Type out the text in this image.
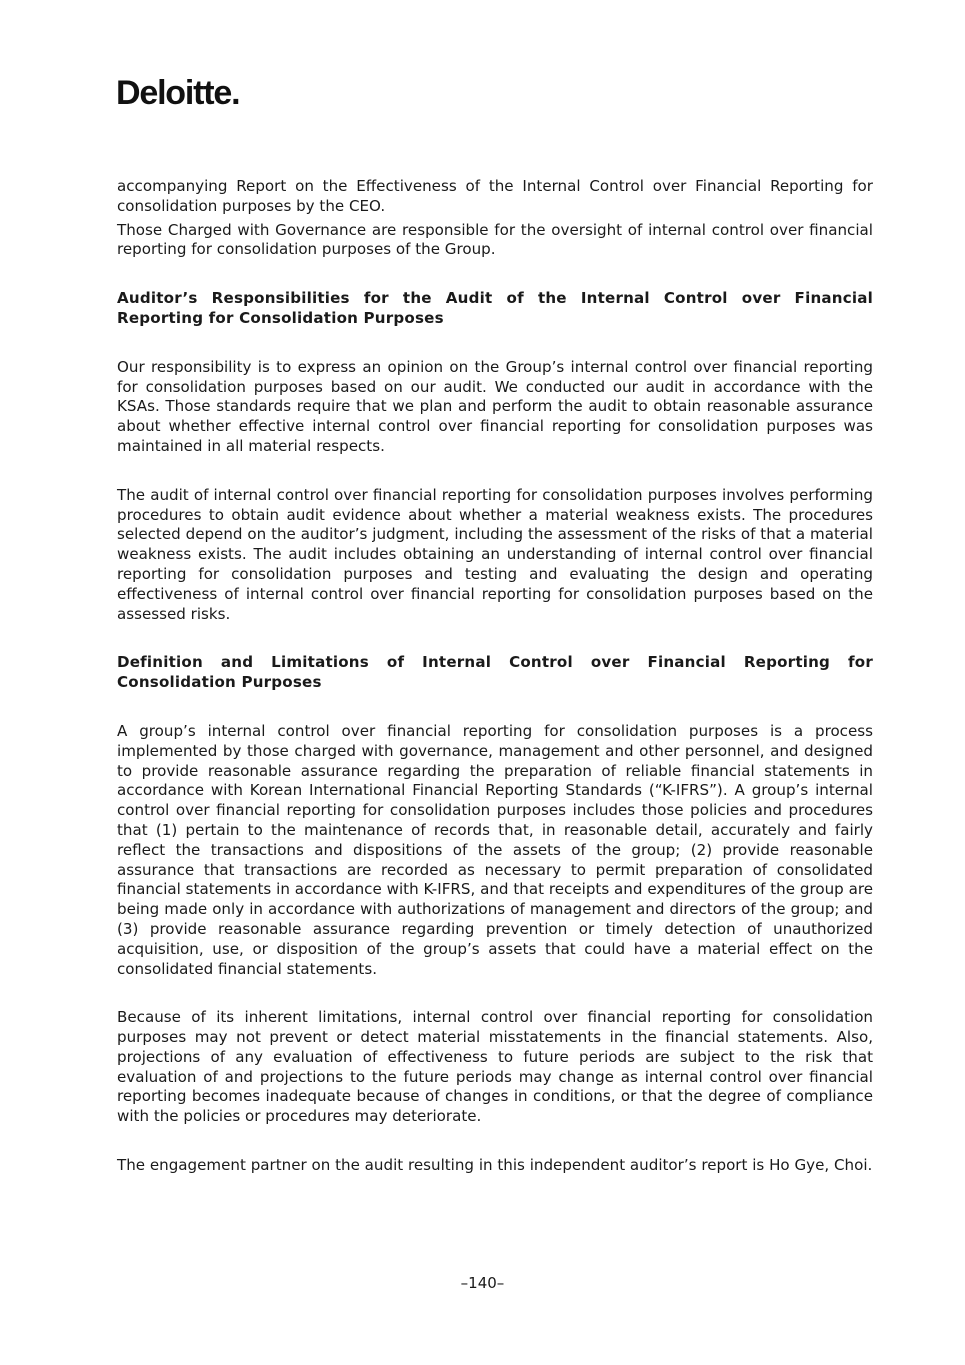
Deloitte.

accompanying Report on the Effectiveness of the Internal Control over Financial Reporting for consolidation purposes by the CEO.

Those Charged with Governance are responsible for the oversight of internal control over financial reporting for consolidation purposes of the Group.

Auditor’s Responsibilities for the Audit of the Internal Control over Financial Reporting for Consolidation Purposes

Our responsibility is to express an opinion on the Group’s internal control over financial reporting for consolidation purposes based on our audit. We conducted our audit in accordance with the KSAs. Those standards require that we plan and perform the audit to obtain reasonable assurance about whether effective internal control over financial reporting for consolidation purposes was maintained in all material respects.

The audit of internal control over financial reporting for consolidation purposes involves performing procedures to obtain audit evidence about whether a material weakness exists. The procedures selected depend on the auditor’s judgment, including the assessment of the risks of that a material weakness exists. The audit includes obtaining an understanding of internal control over financial reporting for consolidation purposes and testing and evaluating the design and operating effectiveness of internal control over financial reporting for consolidation purposes based on the assessed risks.

Definition and Limitations of Internal Control over Financial Reporting for Consolidation Purposes

A group’s internal control over financial reporting for consolidation purposes is a process implemented by those charged with governance, management and other personnel, and designed to provide reasonable assurance regarding the preparation of reliable financial statements in accordance with Korean International Financial Reporting Standards (“K-IFRS”). A group’s internal control over financial reporting for consolidation purposes includes those policies and procedures that (1) pertain to the maintenance of records that, in reasonable detail, accurately and fairly reflect the transactions and dispositions of the assets of the group; (2) provide reasonable assurance that transactions are recorded as necessary to permit preparation of consolidated financial statements in accordance with K-IFRS, and that receipts and expenditures of the group are being made only in accordance with authorizations of management and directors of the group; and (3) provide reasonable assurance regarding prevention or timely detection of unauthorized acquisition, use, or disposition of the group’s assets that could have a material effect on the consolidated financial statements.

Because of its inherent limitations, internal control over financial reporting for consolidation purposes may not prevent or detect material misstatements in the financial statements. Also, projections of any evaluation of effectiveness to future periods are subject to the risk that evaluation of and projections to the future periods may change as internal control over financial reporting becomes inadequate because of changes in conditions, or that the degree of compliance with the policies or procedures may deteriorate.

The engagement partner on the audit resulting in this independent auditor’s report is Ho Gye, Choi.

–140–
